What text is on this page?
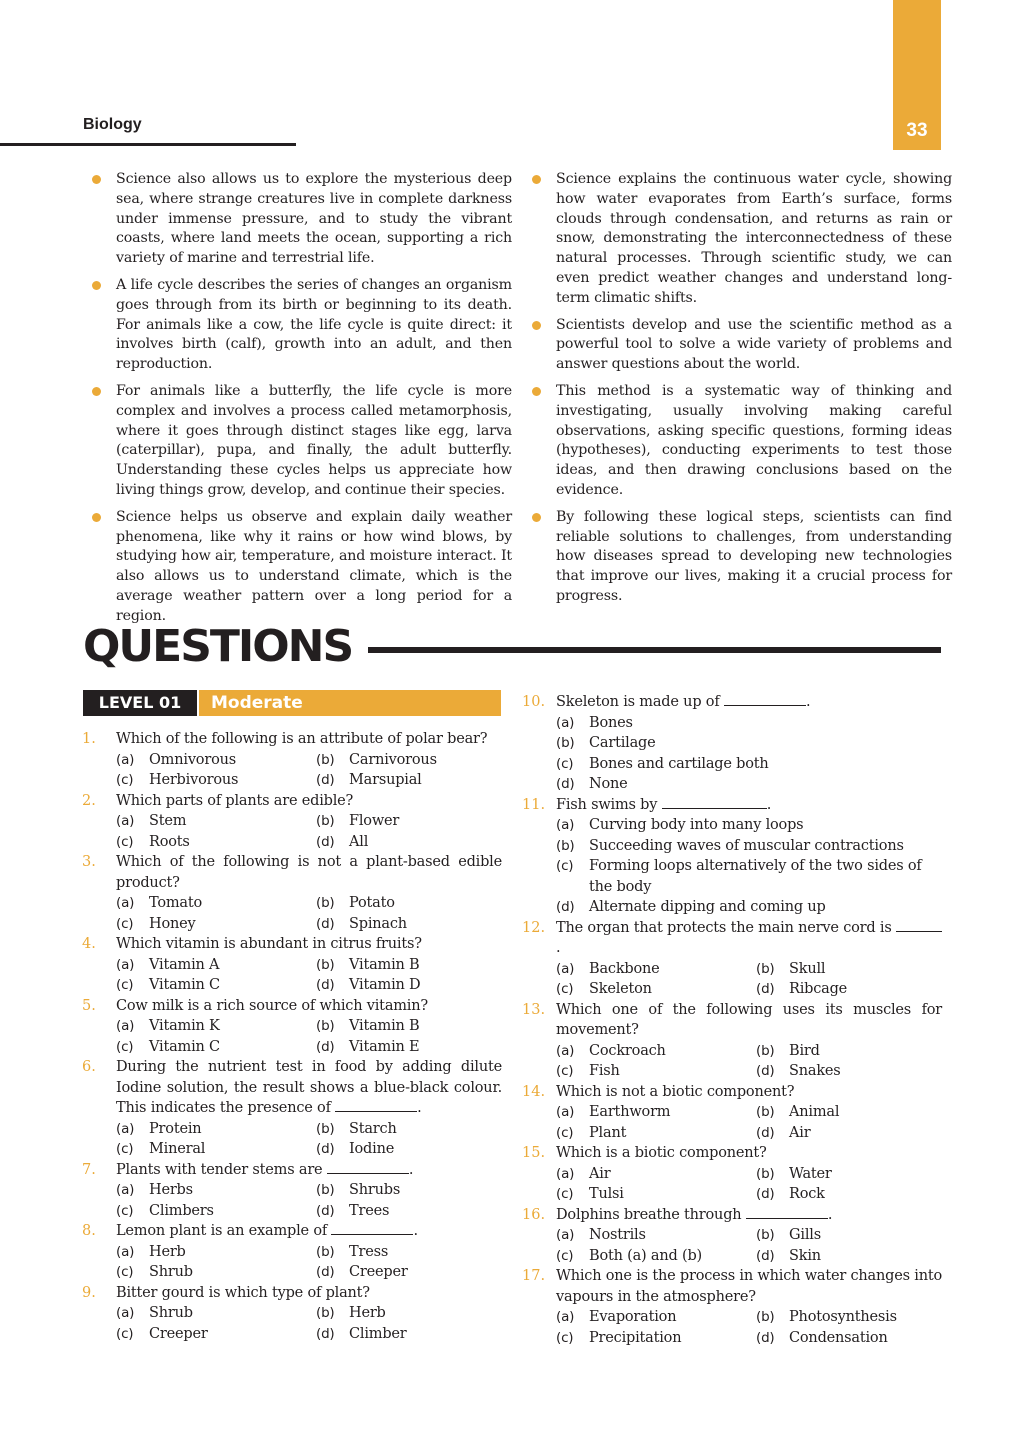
33
Biology
Science also allows us to explore the mysterious deep sea, where strange creatures live in complete darkness under immense pressure, and to study the vibrant coasts, where land meets the ocean, supporting a rich variety of marine and terrestrial life.
A life cycle describes the series of changes an organism goes through from its birth or beginning to its death. For animals like a cow, the life cycle is quite direct: it involves birth (calf), growth into an adult, and then reproduction.
For animals like a butterfly, the life cycle is more complex and involves a process called metamorphosis, where it goes through distinct stages like egg, larva (caterpillar), pupa, and finally, the adult butterfly. Understanding these cycles helps us appreciate how living things grow, develop, and continue their species.
Science helps us observe and explain daily weather phenomena, like why it rains or how wind blows, by studying how air, temperature, and moisture interact. It also allows us to understand climate, which is the average weather pattern over a long period for a region.
Science explains the continuous water cycle, showing how water evaporates from Earth’s surface, forms clouds through condensation, and returns as rain or snow, demonstrating the interconnectedness of these natural processes. Through scientific study, we can even predict weather changes and understand long-term climatic shifts.
Scientists develop and use the scientific method as a powerful tool to solve a wide variety of problems and answer questions about the world.
This method is a systematic way of thinking and investigating, usually involving making careful observations, asking specific questions, forming ideas (hypotheses), conducting experiments to test those ideas, and then drawing conclusions based on the evidence.
By following these logical steps, scientists can find reliable solutions to challenges, from understanding how diseases spread to developing new technologies that improve our lives, making it a crucial process for progress.
QUESTIONS
LEVEL 01	Moderate
1. Which of the following is an attribute of polar bear?
(a)	Omnivorous	(b) Carnivorous
(c)	Herbivorous	(d) Marsupial
2. Which parts of plants are edible?
(a)	Stem	(b) Flower
(c)	Roots	(d) All
3. Which of the following is not a plant-based edible product?
(a)	Tomato	(b) Potato
(c)	Honey	(d) Spinach
4. Which vitamin is abundant in citrus fruits?
(a)	Vitamin A	(b) Vitamin B
(c)	Vitamin C	(d) Vitamin D
5. Cow milk is a rich source of which vitamin?
(a)	Vitamin K	(b) Vitamin B
(c)	Vitamin C	(d) Vitamin E
6. During the nutrient test in food by adding dilute Iodine solution, the result shows a blue-black colour. This indicates the presence of	.
(a)	Protein	(b) Starch
(c)	Mineral	(d) Iodine
7. Plants with tender stems are	.
(a)	Herbs	(b) Shrubs
(c)	Climbers	(d) Trees
8. Lemon plant is an example of	.
(a)	Herb	(b) Tress
(c)	Shrub	(d) Creeper
9. Bitter gourd is which type of plant?
(a)	Shrub	(b) Herb
(c)	Creeper	(d) Climber
10. Skeleton is made up of	.
(a)	Bones
(b) Cartilage
(c)	Bones and cartilage both
(d) None
11. Fish swims by	.
(a)	Curving body into many loops
(b) Succeeding waves of muscular contractions
(c)	Forming loops alternatively of the two sides of the body
(d) Alternate dipping and coming up
12. The organ that protects the main nerve cord is .
(a)	Backbone	(b) Skull
(c)	Skeleton	(d) Ribcage
13. Which one of the following uses its muscles for movement?
(a)	Cockroach	(b) Bird
(c)	Fish	(d) Snakes
14. Which is not a biotic component?
(a)	Earthworm	(b) Animal
(c)	Plant	(d) Air
15. Which is a biotic component?
(a)	Air	(b) Water
(c)	Tulsi	(d) Rock
16. Dolphins breathe through	.
(a)	Nostrils	(b) Gills
(c)	Both (a) and (b)	(d) Skin
17. Which one is the process in which water changes into vapours in the atmosphere?
(a)	Evaporation	(b) Photosynthesis
(c)	Precipitation	(d) Condensation
